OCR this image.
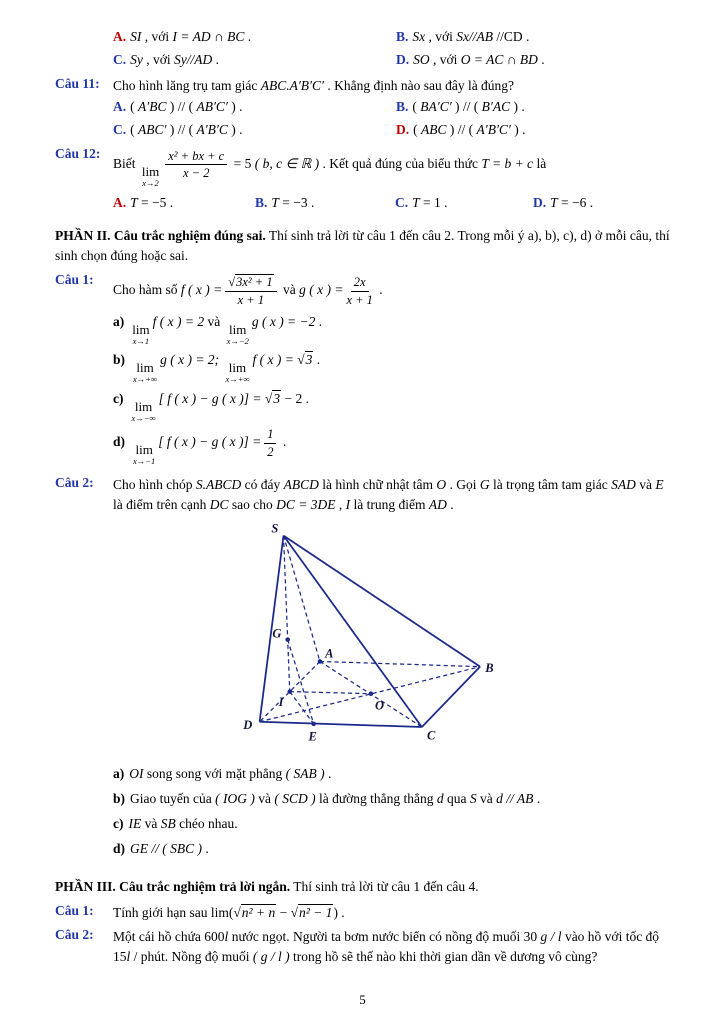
A. SI , với I = AD ∩ BC .	B. Sx , với Sx//AB //CD .
C. Sy , với Sy//AD .	D. SO , với O = AC ∩ BD .
Câu 11: Cho hình lăng trụ tam giác ABC.A′B′C′ . Khẳng định nào sau đây là đúng?
A. ( A′BC ) // ( AB′C′ ) .	B. ( BA′C′ ) // ( B′AC ) .
C. ( ABC′ ) // ( A′B′C ) .	D. ( ABC ) // ( A′B′C′ ) .
Câu 12:
Biết
lim
x→2
$\frac{\text{x² + bx + c}}{x - 2} = 5$ ( b, c ∈ ℝ ) . Kết quả đúng của biểu thức T = b + c là
A. T = −5 .	B. T = −3 .	C. T = 1 .	D. T = −6 .

PHẦN II. Câu trắc nghiệm đúng sai. Thí sinh trả lời từ câu 1 đến câu 2. Trong mỗi ý a), b), c), d) ở mỗi câu, thí sinh chọn đúng hoặc sai.

Câu 1:
Cho hàm số f ( x ) = $\frac{\text{√3x² + 1}}{x + 1}$ và g ( x ) = $\frac{2x}{x + 1}$ .
a)
lim
x→1
f ( x ) = 2 và
lim
x→−2
g ( x ) = −2 .
b)
lim
x→+∞
g ( x ) = 2;
lim
x→+∞
f ( x ) = √3 .
c)
lim
x→−∞
[ f ( x ) − g ( x )] = √3 − 2 .
d)
lim
x→−1
[ f ( x ) − g ( x )] = $\frac{1}{2}$ .
Câu 2:	Cho hình chóp S.ABCD có đáy ABCD là hình chữ nhật tâm O . Gọi G là trọng tâm tam giác SAD và E là điểm trên cạnh DC sao cho DC = 3DE , I là trung điểm AD .
S
G
A
B
I	O
D
E	C
a) OI song song với mặt phẳng ( SAB ) .
b) Giao tuyến của ( IOG ) và ( SCD ) là đường thẳng thẳng d qua S và d // AB .
c) IE và SB chéo nhau.
d) GE // ( SBC ) .

PHẦN III. Câu trắc nghiệm trả lời ngắn. Thí sinh trả lời từ câu 1 đến câu 4.

Câu 1:	Tính giới hạn sau lim(√n² + n − √n² − 1) .
Câu 2:	Một cái hồ chứa 600l nước ngọt. Người ta bơm nước biển có nồng độ muối 30 g / l vào hồ với tốc độ 15l / phút. Nồng độ muối ( g / l ) trong hồ sẽ thế nào khi thời gian dần về dương vô cùng?
5
